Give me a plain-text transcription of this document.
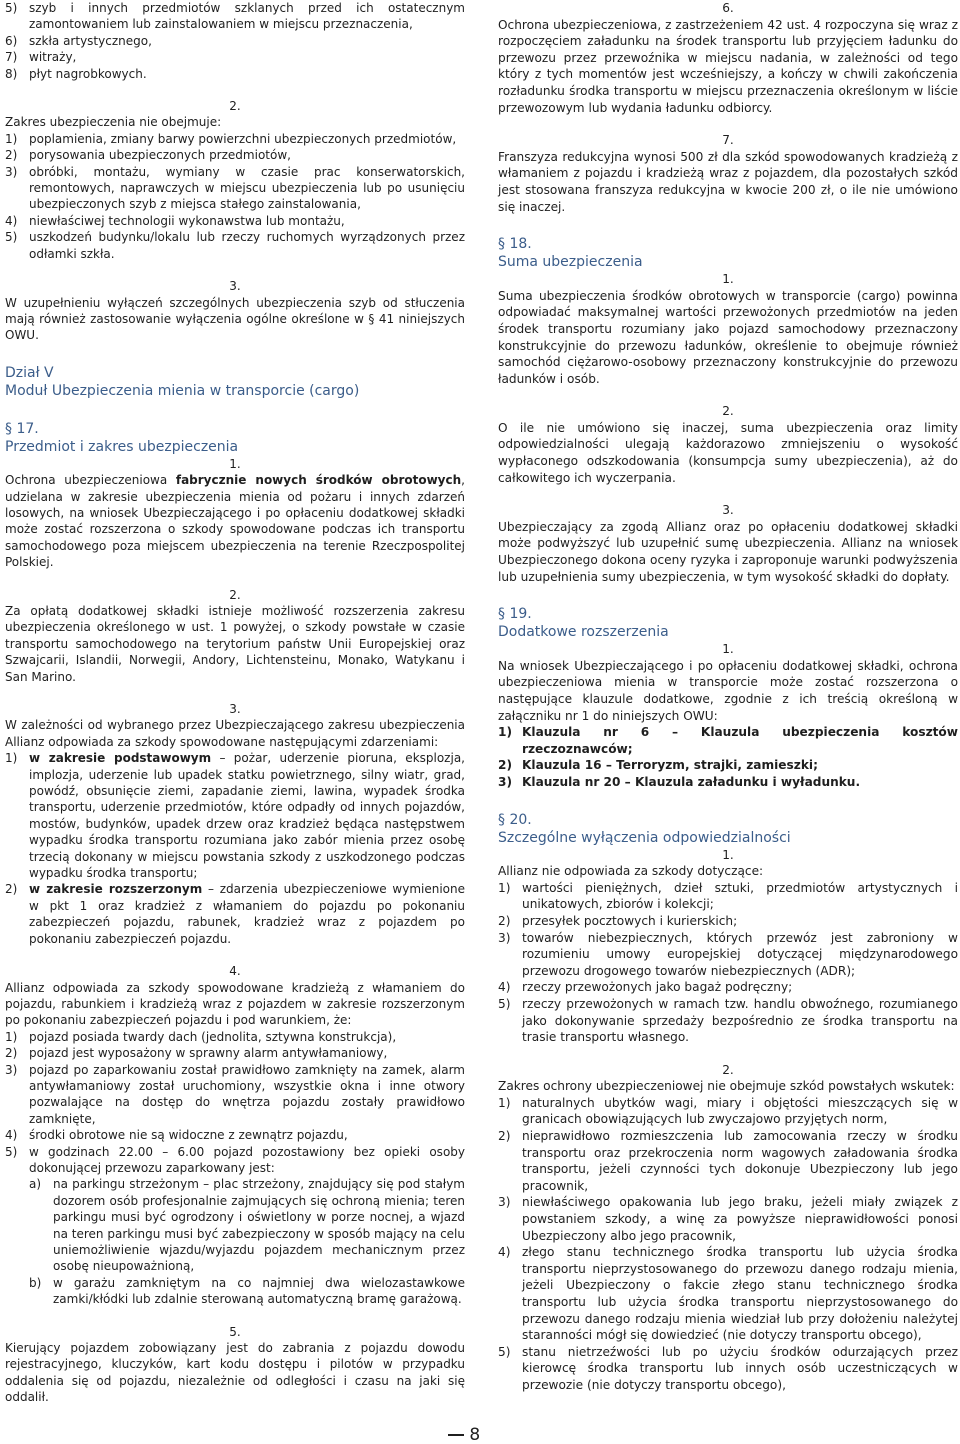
5) szyb i innych przedmiotów szklanych przed ich ostatecznym zamontowaniem lub zainstalowaniem w miejscu przeznaczenia,
6) szkła artystycznego,
7) witraży,
8) płyt nagrobkowych.

2.

Zakres ubezpieczenia nie obejmuje:

1) poplamienia, zmiany barwy powierzchni ubezpieczonych przedmiotów,
2) porysowania ubezpieczonych przedmiotów,
3) obróbki, montażu, wymiany w czasie prac konserwatorskich, remontowych, naprawczych w miejscu ubezpieczenia lub po usunięciu ubezpieczonych szyb z miejsca stałego zainstalowania,
4) niewłaściwej technologii wykonawstwa lub montażu,
5) uszkodzeń budynku/lokalu lub rzeczy ruchomych wyrządzonych przez odłamki szkła.

3.

W uzupełnieniu wyłączeń szczególnych ubezpieczenia szyb od stłuczenia mają również zastosowanie wyłączenia ogólne określone w § 41 niniejszych OWU.

Dział V

Moduł Ubezpieczenia mienia w transporcie (cargo)

§ 17.

Przedmiot i zakres ubezpieczenia

1.

Ochrona ubezpieczeniowa fabrycznie nowych środków obrotowych, udzielana w zakresie ubezpieczenia mienia od pożaru i innych zdarzeń losowych, na wniosek Ubezpieczającego i po opłaceniu dodatkowej składki może zostać rozszerzona o szkody spowodowane podczas ich transportu samochodowego poza miejscem ubezpieczenia na terenie Rzeczpospolitej Polskiej.

2.

Za opłatą dodatkowej składki istnieje możliwość rozszerzenia zakresu ubezpieczenia określonego w ust. 1 powyżej, o szkody powstałe w czasie transportu samochodowego na terytorium państw Unii Europejskiej oraz Szwajcarii, Islandii, Norwegii, Andory, Lichtensteinu, Monako, Watykanu i San Marino.

3.

W zależności od wybranego przez Ubezpieczającego zakresu ubezpieczenia Allianz odpowiada za szkody spowodowane następującymi zdarzeniami:

1) w zakresie podstawowym – pożar, uderzenie pioruna, eksplozja, implozja, uderzenie lub upadek statku powietrznego, silny wiatr, grad, powódź, obsunięcie ziemi, zapadanie ziemi, lawina, wypadek środka transportu, uderzenie przedmiotów, które odpadły od innych pojazdów, mostów, budynków, upadek drzew oraz kradzież będąca następstwem wypadku środka transportu rozumiana jako zabór mienia przez osobę trzecią dokonany w miejscu powstania szkody z uszkodzonego podczas wypadku środka transportu;
2) w zakresie rozszerzonym – zdarzenia ubezpieczeniowe wymienione w pkt 1 oraz kradzież z włamaniem do pojazdu po pokonaniu zabezpieczeń pojazdu, rabunek, kradzież wraz z pojazdem po pokonaniu zabezpieczeń pojazdu.

4.

Allianz odpowiada za szkody spowodowane kradzieżą z włamaniem do pojazdu, rabunkiem i kradzieżą wraz z pojazdem w zakresie rozszerzonym po pokonaniu zabezpieczeń pojazdu i pod warunkiem, że:

1) pojazd posiada twardy dach (jednolita, sztywna konstrukcja),
2) pojazd jest wyposażony w sprawny alarm antywłamaniowy,
3) pojazd po zaparkowaniu został prawidłowo zamknięty na zamek, alarm antywłamaniowy został uruchomiony, wszystkie okna i inne otwory pozwalające na dostęp do wnętrza pojazdu zostały prawidłowo zamknięte,
4) środki obrotowe nie są widoczne z zewnątrz pojazdu,
5) w godzinach 22.00 – 6.00 pojazd pozostawiony bez opieki osoby dokonującej przewozu zaparkowany jest:
a) na parkingu strzeżonym – plac strzeżony, znajdujący się pod stałym dozorem osób profesjonalnie zajmujących się ochroną mienia; teren parkingu musi być ogrodzony i oświetlony w porze nocnej, a wjazd na teren parkingu musi być zabezpieczony w sposób mający na celu uniemożliwienie wjazdu/wyjazdu pojazdem mechanicznym przez osobę nieupoważnioną,
b) w garażu zamkniętym na co najmniej dwa wielozastawkowe zamki/kłódki lub zdalnie sterowaną automatyczną bramę garażową.

5.

Kierujący pojazdem zobowiązany jest do zabrania z pojazdu dowodu rejestracyjnego, kluczyków, kart kodu dostępu i pilotów w przypadku oddalenia się od pojazdu, niezależnie od odległości i czasu na jaki się oddalił.

6.

Ochrona ubezpieczeniowa, z zastrzeżeniem 42 ust. 4 rozpoczyna się wraz z rozpoczęciem załadunku na środek transportu lub przyjęciem ładunku do przewozu przez przewoźnika w miejscu nadania, w zależności od tego który z tych momentów jest wcześniejszy, a kończy w chwili zakończenia rozładunku środka transportu w miejscu przeznaczenia określonym w liście przewozowym lub wydania ładunku odbiorcy.

7.

Franszyza redukcyjna wynosi 500 zł dla szkód spowodowanych kradzieżą z włamaniem z pojazdu i kradzieżą wraz z pojazdem, dla pozostałych szkód jest stosowana franszyza redukcyjna w kwocie 200 zł, o ile nie umówiono się inaczej.

§ 18.

Suma ubezpieczenia

1.

Suma ubezpieczenia środków obrotowych w transporcie (cargo) powinna odpowiadać maksymalnej wartości przewożonych przedmiotów na jeden środek transportu rozumiany jako pojazd samochodowy przeznaczony konstrukcyjnie do przewozu ładunków, określenie to obejmuje również samochód ciężarowo-osobowy przeznaczony konstrukcyjnie do przewozu ładunków i osób.

2.

O ile nie umówiono się inaczej, suma ubezpieczenia oraz limity odpowiedzialności ulegają każdorazowo zmniejszeniu o wysokość wypłaconego odszkodowania (konsumpcja sumy ubezpieczenia), aż do całkowitego ich wyczerpania.

3.

Ubezpieczający za zgodą Allianz oraz po opłaceniu dodatkowej składki może podwyższyć lub uzupełnić sumę ubezpieczenia. Allianz na wniosek Ubezpieczonego dokona oceny ryzyka i zaproponuje warunki podwyższenia lub uzupełnienia sumy ubezpieczenia, w tym wysokość składki do dopłaty.

§ 19.

Dodatkowe rozszerzenia

1.

Na wniosek Ubezpieczającego i po opłaceniu dodatkowej składki, ochrona ubezpieczeniowa mienia w transporcie może zostać rozszerzona o następujące klauzule dodatkowe, zgodnie z ich treścią określoną w załączniku nr 1 do niniejszych OWU:

1) Klauzula nr 6 – Klauzula ubezpieczenia kosztów rzeczoznawców;
2) Klauzula 16 – Terroryzm, strajki, zamieszki;
3) Klauzula nr 20 – Klauzula załadunku i wyładunku.

§ 20.

Szczególne wyłączenia odpowiedzialności

1.

Allianz nie odpowiada za szkody dotyczące:

1) wartości pieniężnych, dzieł sztuki, przedmiotów artystycznych i unikatowych, zbiorów i kolekcji;
2) przesyłek pocztowych i kurierskich;
3) towarów niebezpiecznych, których przewóz jest zabroniony w rozumieniu umowy europejskiej dotyczącej międzynarodowego przewozu drogowego towarów niebezpiecznych (ADR);
4) rzeczy przewożonych jako bagaż podręczny;
5) rzeczy przewożonych w ramach tzw. handlu obwoźnego, rozumianego jako dokonywanie sprzedaży bezpośrednio ze środka transportu na trasie transportu własnego.

2.

Zakres ochrony ubezpieczeniowej nie obejmuje szkód powstałych wskutek:

1) naturalnych ubytków wagi, miary i objętości mieszczących się w granicach obowiązujących lub zwyczajowo przyjętych norm,
2) nieprawidłowo rozmieszczenia lub zamocowania rzeczy w środku transportu oraz przekroczenia norm wagowych załadowania środka transportu, jeżeli czynności tych dokonuje Ubezpieczony lub jego pracownik,
3) niewłaściwego opakowania lub jego braku, jeżeli miały związek z powstaniem szkody, a winę za powyższe nieprawidłowości ponosi Ubezpieczony albo jego pracownik,
4) złego stanu technicznego środka transportu lub użycia środka transportu nieprzystosowanego do przewozu danego rodzaju mienia, jeżeli Ubezpieczony o fakcie złego stanu technicznego środka transportu lub użycia środka transportu nieprzystosowanego do przewozu danego rodzaju mienia wiedział lub przy dołożeniu należytej staranności mógł się dowiedzieć (nie dotyczy transportu obcego),
5) stanu nietrzeźwości lub po użyciu środków odurzających przez kierowcę środka transportu lub innych osób uczestniczących w przewozie (nie dotyczy transportu obcego),
8
